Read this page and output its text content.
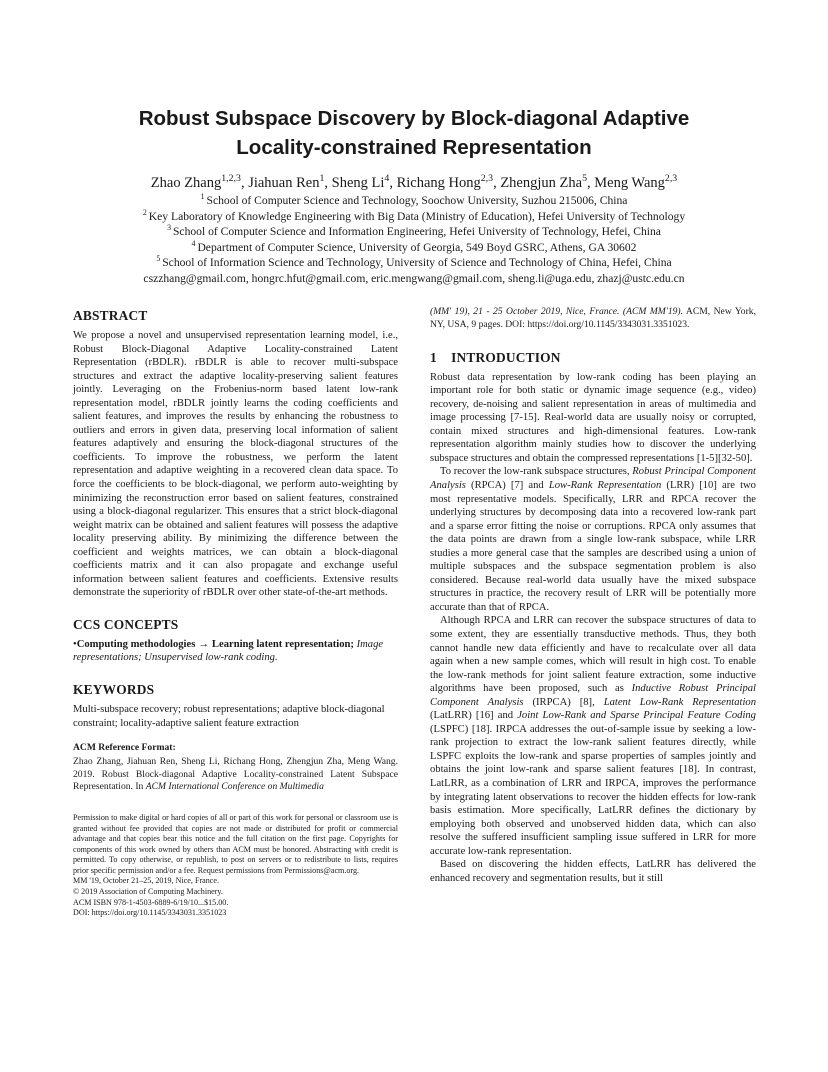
Robust Subspace Discovery by Block-diagonal Adaptive
Locality-constrained Representation
Zhao Zhang$^{1,2,3}$, Jiahuan Ren$^1$, Sheng Li$^4$, Richang Hong$^{2,3}$, Zhengjun Zha$^5$, Meng Wang$^{2,3}$
$^1$ School of Computer Science and Technology, Soochow University, Suzhou 215006, China
$^2$ Key Laboratory of Knowledge Engineering with Big Data (Ministry of Education), Hefei University of Technology
$^3$ School of Computer Science and Information Engineering, Hefei University of Technology, Hefei, China
$^4$ Department of Computer Science, University of Georgia, 549 Boyd GSRC, Athens, GA 30602
$^5$ School of Information Science and Technology, University of Science and Technology of China, Hefei, China
cszzhang@gmail.com, hongrc.hfut@gmail.com, eric.mengwang@gmail.com, sheng.li@uga.edu, zhazj@ustc.edu.cn
ABSTRACT

We propose a novel and unsupervised representation learning model, i.e., Robust Block-Diagonal Adaptive Locality-constrained Latent Representation (rBDLR). rBDLR is able to recover multi-subspace structures and extract the adaptive locality-preserving salient features jointly. Leveraging on the Frobenius-norm based latent low-rank representation model, rBDLR jointly learns the coding coefficients and salient features, and improves the results by enhancing the robustness to outliers and errors in given data, preserving local information of salient features adaptively and ensuring the block-diagonal structures of the coefficients. To improve the robustness, we perform the latent representation and adaptive weighting in a recovered clean data space. To force the coefficients to be block-diagonal, we perform auto-weighting by minimizing the reconstruction error based on salient features, constrained using a block-diagonal regularizer. This ensures that a strict block-diagonal weight matrix can be obtained and salient features will possess the adaptive locality preserving ability. By minimizing the difference between the coefficient and weights matrices, we can obtain a block-diagonal coefficients matrix and it can also propagate and exchange useful information between salient features and coefficients. Extensive results demonstrate the superiority of rBDLR over other state-of-the-art methods.

CCS CONCEPTS

•Computing methodologies → Learning latent representation; Image representations; Unsupervised low-rank coding.

KEYWORDS

Multi-subspace recovery; robust representations; adaptive block-diagonal constraint; locality-adaptive salient feature extraction

ACM Reference Format:

Zhao Zhang, Jiahuan Ren, Sheng Li, Richang Hong, Zhengjun Zha, Meng Wang. 2019. Robust Block-diagonal Adaptive Locality-constrained Latent Subspace Representation. In ACM International Conference on Multimedia

Permission to make digital or hard copies of all or part of this work for personal or classroom use is granted without fee provided that copies are not made or distributed for profit or commercial advantage and that copies bear this notice and the full citation on the first page. Copyrights for components of this work owned by others than ACM must be honored. Abstracting with credit is permitted. To copy otherwise, or republish, to post on servers or to redistribute to lists, requires prior specific permission and/or a fee. Request permissions from Permissions@acm.org.

MM '19, October 21–25, 2019, Nice, France.
© 2019 Association of Computing Machinery.
ACM ISBN 978-1-4503-6889-6/19/10...$15.00.
DOI: https://doi.org/10.1145/3343031.3351023

(MM' 19), 21 - 25 October 2019, Nice, France. (ACM MM'19). ACM, New York, NY, USA, 9 pages. DOI: https://doi.org/10.1145/3343031.3351023.

1    INTRODUCTION

Robust data representation by low-rank coding has been playing an important role for both static or dynamic image sequence (e.g., video) recovery, de-noising and salient representation in areas of multimedia and image processing [7-15]. Real-world data are usually noisy or corrupted, contain mixed structures and high-dimensional features. Low-rank representation algorithm mainly studies how to discover the underlying subspace structures and obtain the compressed representations [1-5][32-50].

To recover the low-rank subspace structures, Robust Principal Component Analysis (RPCA) [7] and Low-Rank Representation (LRR) [10] are two most representative models. Specifically, LRR and RPCA recover the underlying structures by decomposing data into a recovered low-rank part and a sparse error fitting the noise or corruptions. RPCA only assumes that the data points are drawn from a single low-rank subspace, while LRR studies a more general case that the samples are described using a union of multiple subspaces and the subspace segmentation problem is also considered. Because real-world data usually have the mixed subspace structures in practice, the recovery result of LRR will be potentially more accurate than that of RPCA.

Although RPCA and LRR can recover the subspace structures of data to some extent, they are essentially transductive methods. Thus, they both cannot handle new data efficiently and have to recalculate over all data again when a new sample comes, which will result in high cost. To enable the low-rank methods for joint salient feature extraction, some inductive algorithms have been proposed, such as Inductive Robust Principal Component Analysis (IRPCA) [8], Latent Low-Rank Representation (LatLRR) [16] and Joint Low-Rank and Sparse Principal Feature Coding (LSPFC) [18]. IRPCA addresses the out-of-sample issue by seeking a low-rank projection to extract the low-rank salient features directly, while LSPFC exploits the low-rank and sparse properties of samples jointly and obtains the joint low-rank and sparse salient features [18]. In contrast, LatLRR, as a combination of LRR and IRPCA, improves the performance by integrating latent observations to recover the hidden effects for low-rank basis estimation. More specifically, LatLRR defines the dictionary by employing both observed and unobserved hidden data, which can also resolve the suffered insufficient sampling issue suffered in LRR for more accurate low-rank representation.

Based on discovering the hidden effects, LatLRR has delivered the enhanced recovery and segmentation results, but it still
